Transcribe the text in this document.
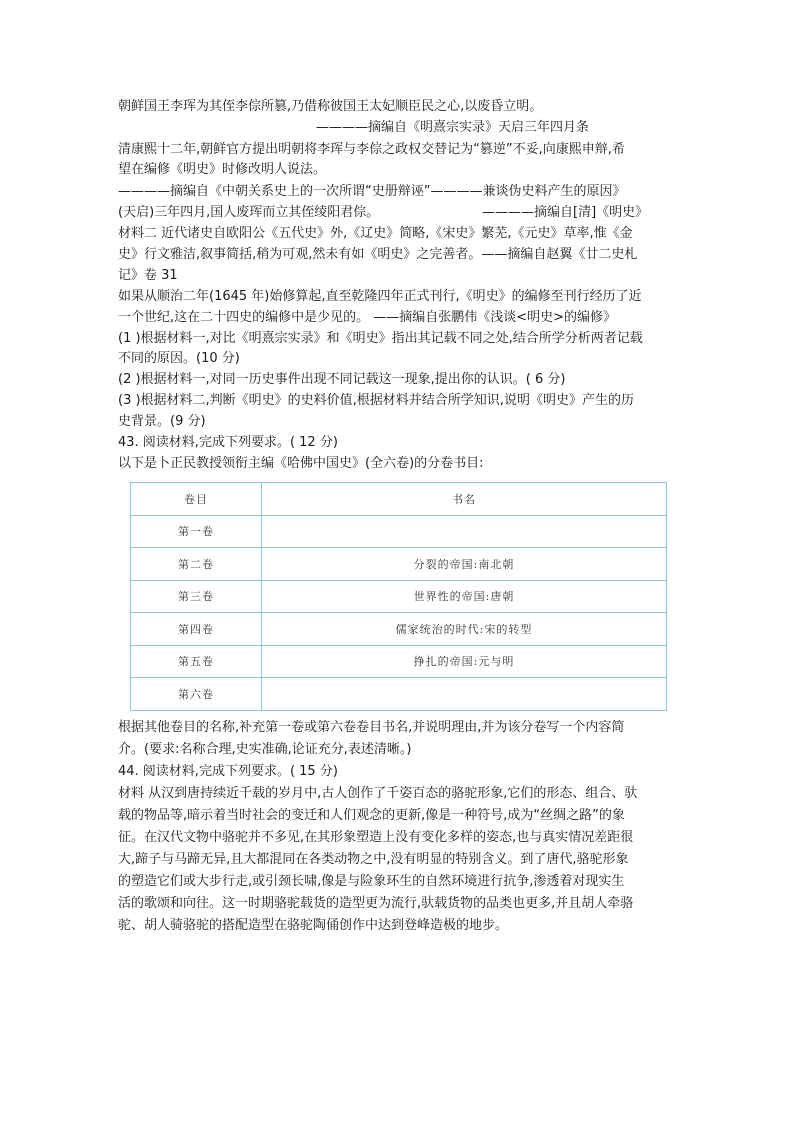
朝鲜国王李珲为其侄李倧所篡,乃借称彼国王太妃顺臣民之心,以废昏立明。
————摘编自《明熹宗实录》天启三年四月条
清康熙十二年,朝鲜官方提出明朝将李珲与李倧之政权交替记为“篡逆”不妥,向康熙申辩,希
望在编修《明史》时修改明人说法。
————摘编自《中朝关系史上的一次所谓“史册辩诬”————兼谈伪史料产生的原因》
(天启)三年四月,国人废珲而立其侄绫阳君倧。	————摘编自[清]《明史》
材料二 近代诸史自欧阳公《五代史》外,《辽史》简略,《宋史》繁芜,《元史》草率,惟《金
史》行文雅洁,叙事简括,稍为可观,然未有如《明史》之完善者。——摘编自赵翼《廿二史札
记》卷 31
如果从顺治二年(1645 年)始修算起,直至乾隆四年正式刊行,《明史》的编修至刊行经历了近
一个世纪,这在二十四史的编修中是少见的。 ——摘编自张鹏伟《浅谈<明史>的编修》
(1 )根据材料一,对比《明熹宗实录》和《明史》指出其记载不同之处,结合所学分析两者记载
不同的原因。(10 分)
(2 )根据材料一,对同一历史事件出现不同记载这一现象,提出你的认识。( 6 分)
(3 )根据材料二,判断《明史》的史料价值,根据材料并结合所学知识,说明《明史》产生的历
史背景。(9 分)
43. 阅读材料,完成下列要求。( 12 分)
以下是卜正民教授领衔主编《哈佛中国史》(全六卷)的分卷书目:
卷目	书名
第一卷	
第二卷	分裂的帝国:南北朝
第三卷	世界性的帝国:唐朝
第四卷	儒家统治的时代:宋的转型
第五卷	挣扎的帝国:元与明
第六卷	
根据其他卷目的名称,补充第一卷或第六卷卷目书名,并说明理由,并为该分卷写一个内容简
介。(要求:名称合理,史实准确,论证充分,表述清晰。)
44. 阅读材料,完成下列要求。( 15 分)
材料 从汉到唐持续近千载的岁月中,古人创作了千姿百态的骆驼形象,它们的形态、组合、驮
载的物品等,暗示着当时社会的变迁和人们观念的更新,像是一种符号,成为“丝绸之路”的象
征。在汉代文物中骆驼并不多见,在其形象塑造上没有变化多样的姿态,也与真实情况差距很
大,蹄子与马蹄无异,且大都混同在各类动物之中,没有明显的特别含义。到了唐代,骆驼形象
的塑造它们或大步行走,或引颈长啸,像是与险象环生的自然环境进行抗争,渗透着对现实生
活的歌颂和向往。这一时期骆驼载货的造型更为流行,驮载货物的品类也更多,并且胡人牵骆
驼、胡人骑骆驼的搭配造型在骆驼陶俑创作中达到登峰造极的地步。
